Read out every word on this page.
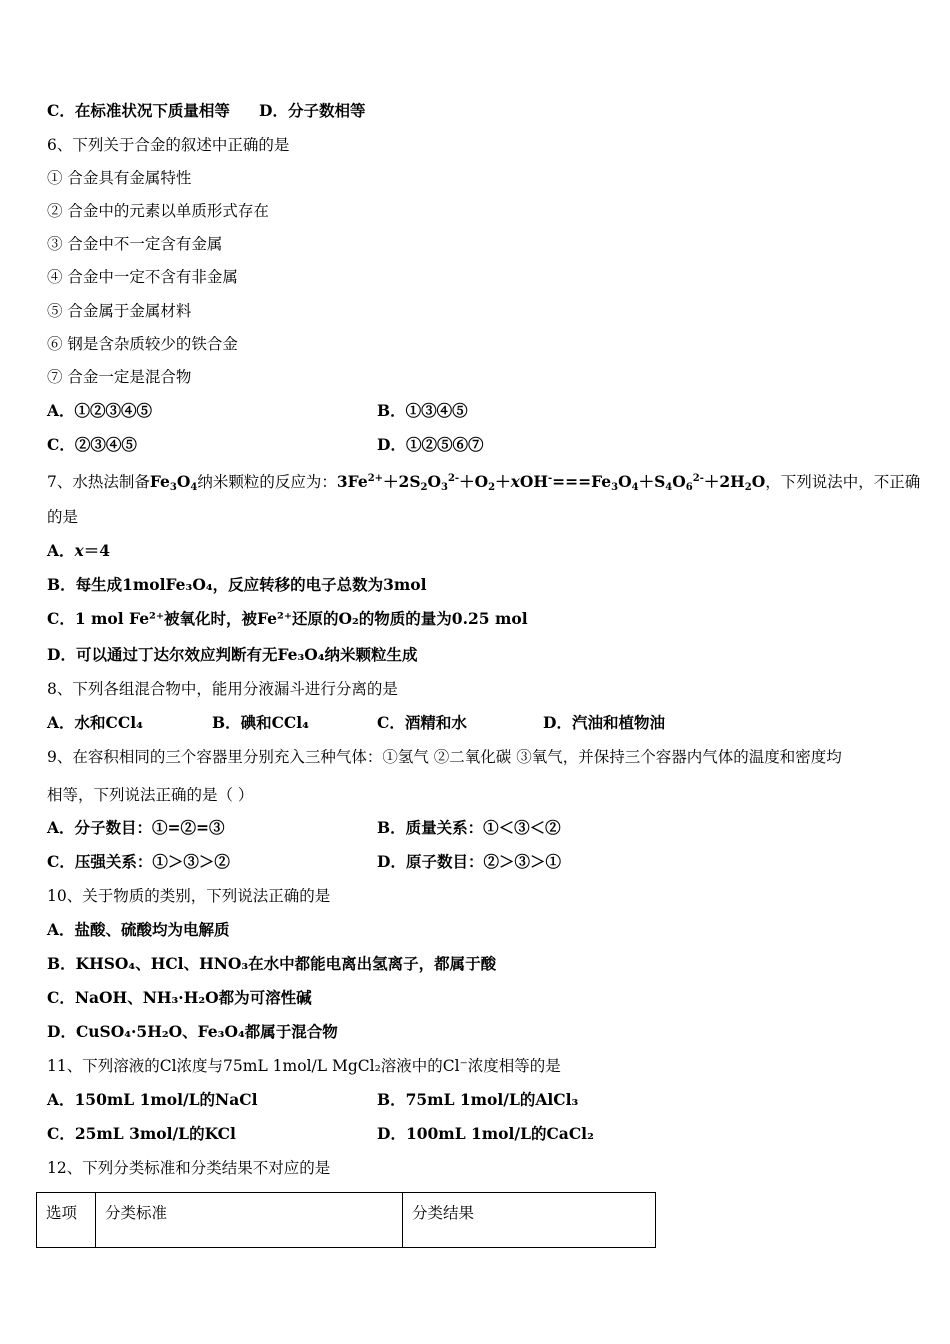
C．在标准状况下质量相等 D．分子数相等
6、下列关于合金的叙述中正确的是
① 合金具有金属特性
② 合金中的元素以单质形式存在
③ 合金中不一定含有金属
④ 合金中一定不含有非金属
⑤ 合金属于金属材料
⑥ 钢是含杂质较少的铁合金
⑦ 合金一定是混合物
A．①②③④⑤	B．①③④⑤
C．②③④⑤	D．①②⑤⑥⑦
7、水热法制备$Fe_3O_4$纳米颗粒的反应为：$3Fe^{2+}+2S_2O_3^{2-}+O_2+xOH^-===Fe_3O_4+S_4O_6^{2-}+2H_2O$，下列说法中，不正确
的是
A．x＝4
B．每生成1molFe₃O₄，反应转移的电子总数为3mol
C．1 mol Fe²⁺被氧化时，被Fe²⁺还原的O₂的物质的量为0.25 mol
D．可以通过丁达尔效应判断有无Fe₃O₄纳米颗粒生成
8、下列各组混合物中，能用分液漏斗进行分离的是
A．水和CCl₄	B．碘和CCl₄	C．酒精和水	D．汽油和植物油
9、在容积相同的三个容器里分别充入三种气体：①氢气 ②二氧化碳 ③氧气，并保持三个容器内气体的温度和密度均
相等，下列说法正确的是（ ）
A．分子数目：①=②=③	B．质量关系：①＜③＜②
C．压强关系：①＞③＞②	D．原子数目：②＞③＞①
10、关于物质的类别，下列说法正确的是
A．盐酸、硫酸均为电解质
B．KHSO₄、HCl、HNO₃在水中都能电离出氢离子，都属于酸
C．NaOH、NH₃·H₂O都为可溶性碱
D．CuSO₄·5H₂O、Fe₃O₄都属于混合物
11、下列溶液的Cl浓度与75mL 1mol/L MgCl₂溶液中的Cl⁻浓度相等的是
A．150mL 1mol/L的NaCl	B．75mL 1mol/L的AlCl₃
C．25mL 3mol/L的KCl	D．100mL 1mol/L的CaCl₂
12、下列分类标准和分类结果不对应的是
选项	分类标准	分类结果
